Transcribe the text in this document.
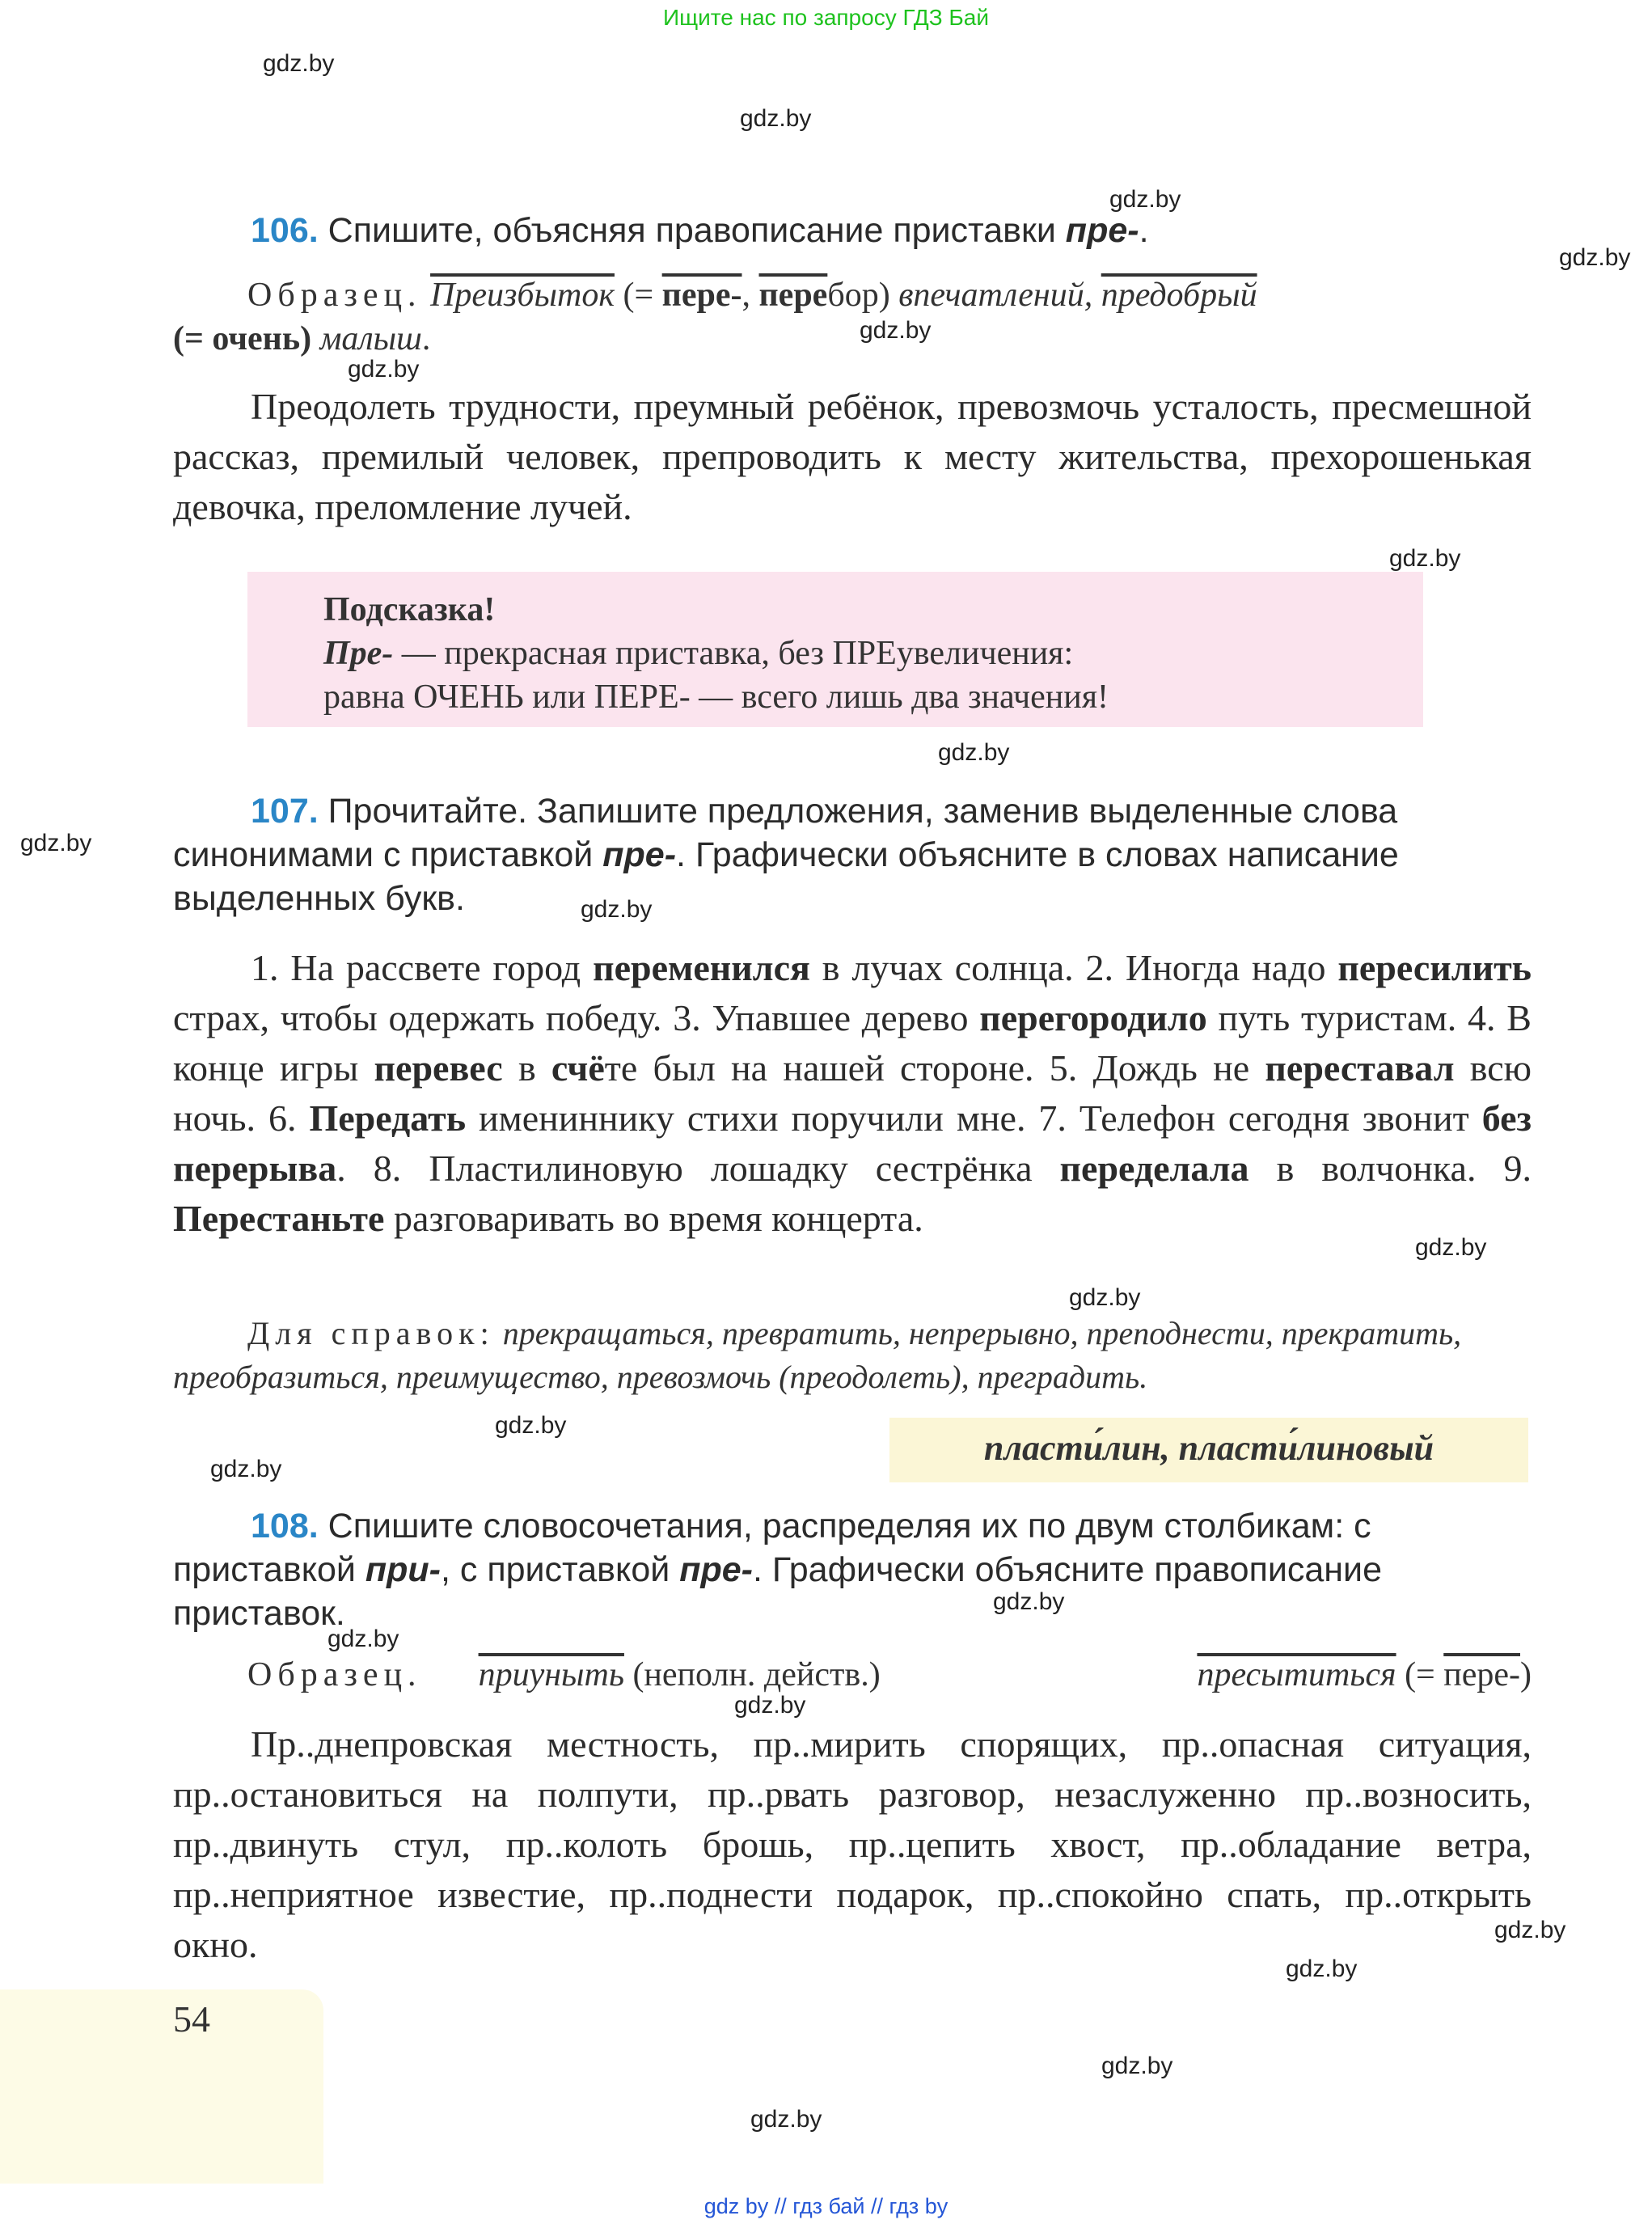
Ищите нас по запросу ГДЗ Бай
gdz.by
gdz.by
gdz.by
gdz.by
gdz.by
gdz.by
gdz.by
gdz.by
gdz.by
gdz.by
gdz.by
gdz.by
gdz.by
gdz.by
gdz.by
gdz.by
gdz.by
gdz.by
gdz.by
gdz.by
gdz.by
106. Спишите, объясняя правописание приставки пре-.
Образец. Преизбыток (= пере-, перебор) впечатлений, предобрый
(= очень) малыш.
Преодолеть трудности, преумный ребёнок, превозмочь усталость, пресмешной рассказ, премилый человек, препроводить к месту жительства, прехорошенькая девочка, преломление лучей.
Подсказка!
Пре- — прекрасная приставка, без ПРЕувеличения:
равна ОЧЕНЬ или ПЕРЕ- — всего лишь два значения!
107. Прочитайте. Запишите предложения, заменив выделенные слова синонимами с приставкой пре-. Графически объясните в словах написание выделенных букв.
1. На рассвете город переменился в лучах солнца. 2. Иногда надо пересилить страх, чтобы одержать победу. 3. Упавшее дерево перегородило путь туристам. 4. В конце игры перевес в счёте был на нашей стороне. 5. Дождь не переставал всю ночь. 6. Передать имениннику стихи поручили мне. 7. Телефон сегодня звонит без перерыва. 8. Пластилиновую лошадку сестрёнка переделала в волчонка. 9. Перестаньте разговаривать во время концерта.
Для справок: прекращаться, превратить, непрерывно, преподнести, прекратить, преобразиться, преимущество, превозмочь (преодолеть), преградить.
пласти́лин, пласти́линовый
108. Спишите словосочетания, распределяя их по двум столбикам: с приставкой при-, с приставкой пре-. Графически объясните правописание приставок.
Образец. приуныть (неполн. действ.)	пресытиться (= пере-)
Пр..днепровская местность, пр..мирить спорящих, пр..опасная ситуация, пр..остановиться на полпути, пр..рвать разговор, незаслуженно пр..возносить, пр..двинуть стул, пр..колоть брошь, пр..цепить хвост, пр..обладание ветра, пр..неприятное известие, пр..поднести подарок, пр..спокойно спать, пр..открыть окно.
54
gdz by // гдз бай // гдз by
